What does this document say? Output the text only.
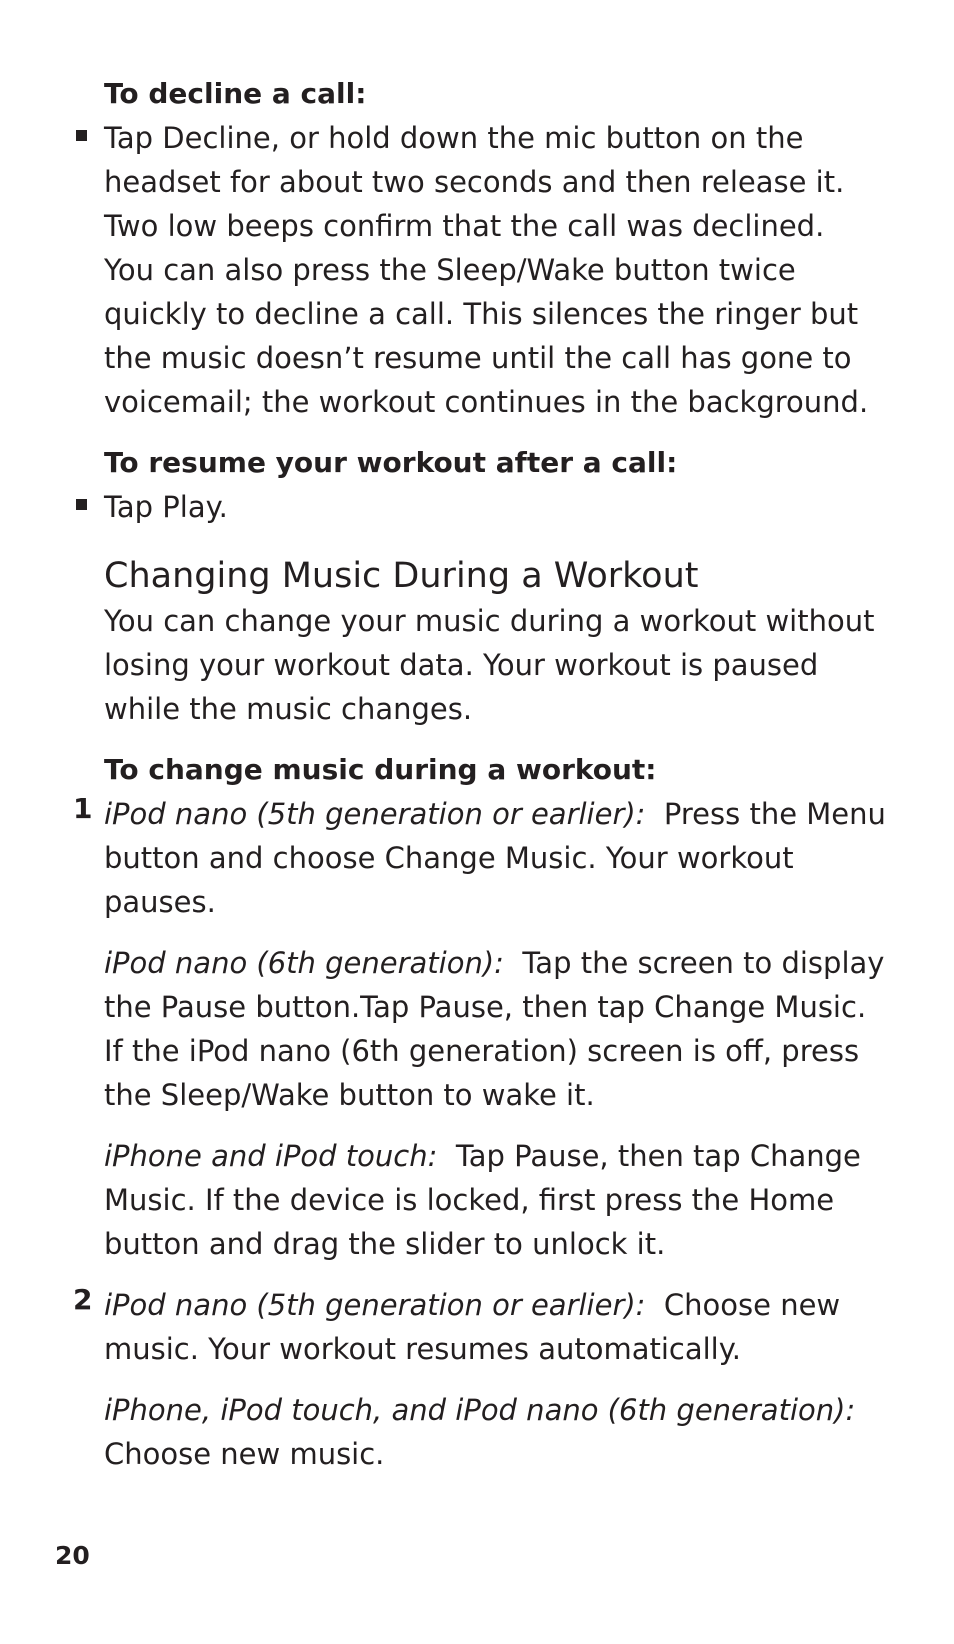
To decline a call:

Tap Decline, or hold down the mic button on the headset for about two seconds and then release it. Two low beeps confirm that the call was declined.

You can also press the Sleep/Wake button twice quickly to decline a call. This silences the ringer but the music doesn’t resume until the call has gone to voicemail; the workout continues in the background.

To resume your workout after a call:

Tap Play.
Changing Music During a Workout

You can change your music during a workout without losing your workout data. Your workout is paused while the music changes.

To change music during a workout:

1 iPod nano (5th generation or earlier): Press the Menu button and choose Change Music. Your workout pauses.

iPod nano (6th generation): Tap the screen to display the Pause button.Tap Pause, then tap Change Music. If the iPod nano (6th generation) screen is off, press the Sleep/Wake button to wake it.

iPhone and iPod touch: Tap Pause, then tap Change Music. If the device is locked, first press the Home button and drag the slider to unlock it.

2 iPod nano (5th generation or earlier): Choose new music. Your workout resumes automatically.

iPhone, iPod touch, and iPod nano (6th generation):
Choose new music.

20
